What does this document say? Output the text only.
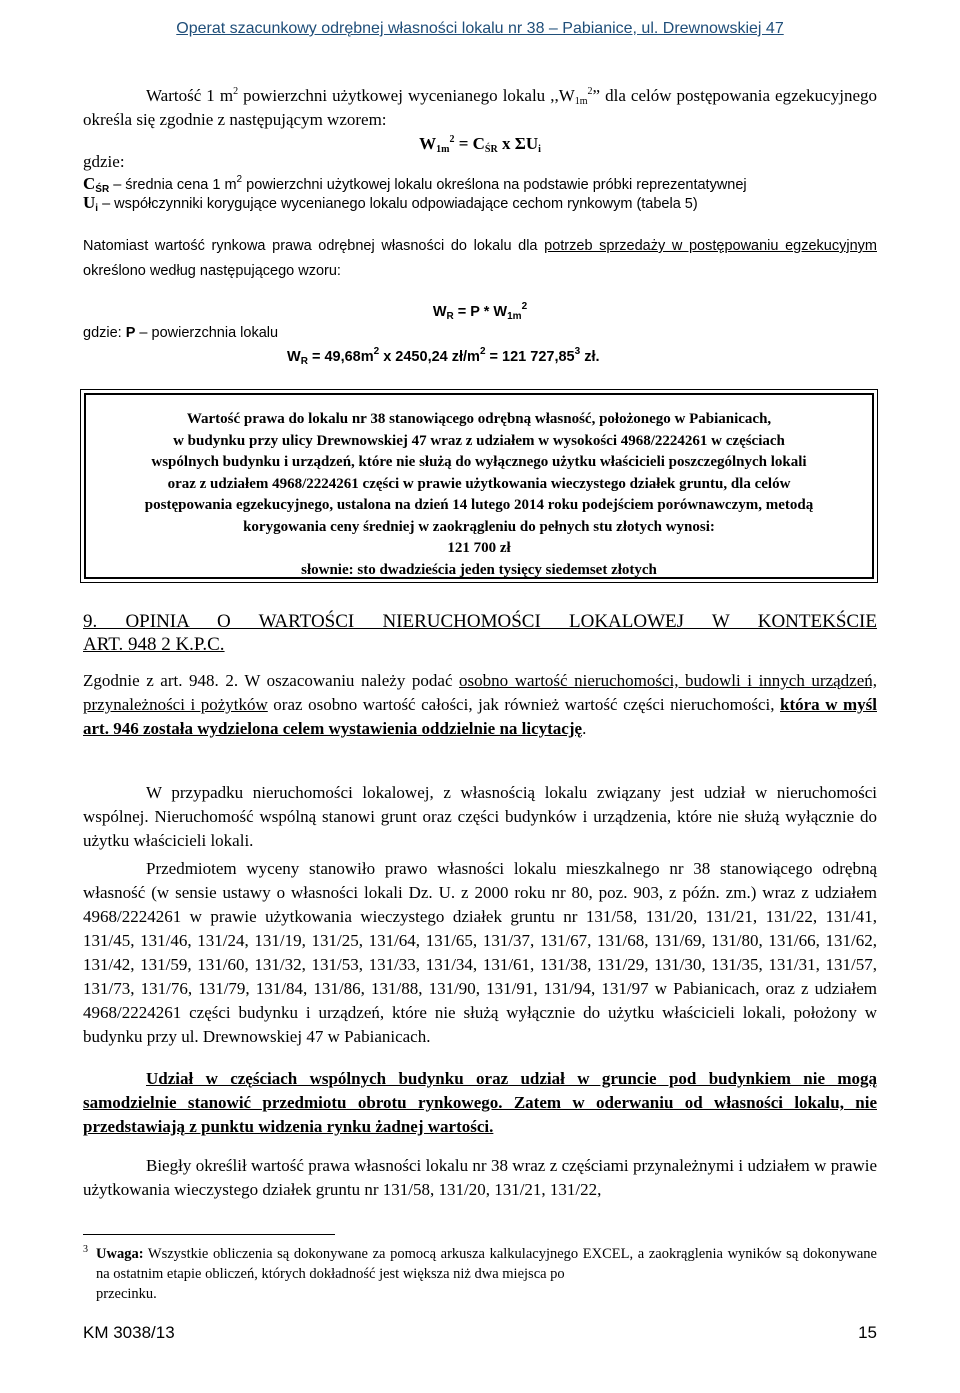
Operat szacunkowy odrębnej własności lokalu nr 38 – Pabianice, ul. Drewnowskiej 47

Wartość 1 $m^2$ powierzchni użytkowej wycenianego lokalu $,,W_{1m}^2$” dla celów postępowania egzekucyjnego określa się zgodnie z następującym wzorem:

$W_{1m}^2 = C_{ŚR}$ x $\Sigma U_i$

gdzie:

$C_{ŚR}$ – średnia cena 1 $m^2$ powierzchni użytkowej lokalu określona na podstawie próbki reprezentatywnej

$U_i$ – współczynniki korygujące wycenianego lokalu odpowiadające cechom rynkowym (tabela 5)

Natomiast wartość rynkowa prawa odrębnej własności do lokalu dla potrzeb sprzedaży w postępowaniu egzekucyjnym określono według następującego wzoru:

$W_R = P * W_{1m}^2$

gdzie: P – powierzchnia lokalu

$W_R = 49,68m^2$ x 2450,24 $zł/m^2 = 121$ 727,85$^3$ zł.

Wartość prawa do lokalu nr 38 stanowiącego odrębną własność, położonego w Pabianicach,
w budynku przy ulicy Drewnowskiej 47 wraz z udziałem w wysokości 4968/2224261 w częściach
wspólnych budynku i urządzeń, które nie służą do wyłącznego użytku właścicieli poszczególnych lokali
oraz z udziałem 4968/2224261 części w prawie użytkowania wieczystego działek gruntu, dla celów
postępowania egzekucyjnego, ustalona na dzień 14 lutego 2014 roku podejściem porównawczym, metodą
korygowania ceny średniej w zaokrągleniu do pełnych stu złotych wynosi:
121 700 zł
słownie: sto dwadzieścia jeden tysięcy siedemset złotych
9. OPINIA O WARTOŚCI NIERUCHOMOŚCI LOKALOWEJ W KONTEKŚCIE
ART. 948 2 K.P.C.

Zgodnie z art. 948. 2. W oszacowaniu należy podać osobno wartość nieruchomości, budowli i innych urządzeń, przynależności i pożytków oraz osobno wartość całości, jak również wartość części nieruchomości, która w myśl art. 946 została wydzielona celem wystawienia oddzielnie na licytację.

W przypadku nieruchomości lokalowej, z własnością lokalu związany jest udział w nieruchomości wspólnej. Nieruchomość wspólną stanowi grunt oraz części budynków i urządzenia, które nie służą wyłącznie do użytku właścicieli lokali.

Przedmiotem wyceny stanowiło prawo własności lokalu mieszkalnego nr 38 stanowiącego odrębną własność (w sensie ustawy o własności lokali Dz. U. z 2000 roku nr 80, poz. 903, z późn. zm.) wraz z udziałem 4968/2224261 w prawie użytkowania wieczystego działek gruntu nr 131/58, 131/20, 131/21, 131/22, 131/41, 131/45, 131/46, 131/24, 131/19, 131/25, 131/64, 131/65, 131/37, 131/67, 131/68, 131/69, 131/80, 131/66, 131/62, 131/42, 131/59, 131/60, 131/32, 131/53, 131/33, 131/34, 131/61, 131/38, 131/29, 131/30, 131/35, 131/31, 131/57, 131/73, 131/76, 131/79, 131/84, 131/86, 131/88, 131/90, 131/91, 131/94, 131/97 w Pabianicach, oraz z udziałem 4968/2224261 części budynku i urządzeń, które nie służą wyłącznie do użytku właścicieli lokali, położony w budynku przy ul. Drewnowskiej 47 w Pabianicach.

Udział w częściach wspólnych budynku oraz udział w gruncie pod budynkiem nie mogą samodzielnie stanowić przedmiotu obrotu rynkowego. Zatem w oderwaniu od własności lokalu, nie przedstawiają z punktu widzenia rynku żadnej wartości.

Biegły określił wartość prawa własności lokalu nr 38 wraz z częściami przynależnymi i udziałem w prawie użytkowania wieczystego działek gruntu nr 131/58, 131/20, 131/21, 131/22,

3 Uwaga: Wszystkie obliczenia są dokonywane za pomocą arkusza kalkulacyjnego EXCEL, a zaokrąglenia wyników są dokonywane na ostatnim etapie obliczeń, których dokładność jest większa niż dwa miejsca po
przecinku.
KM 3038/13	15
